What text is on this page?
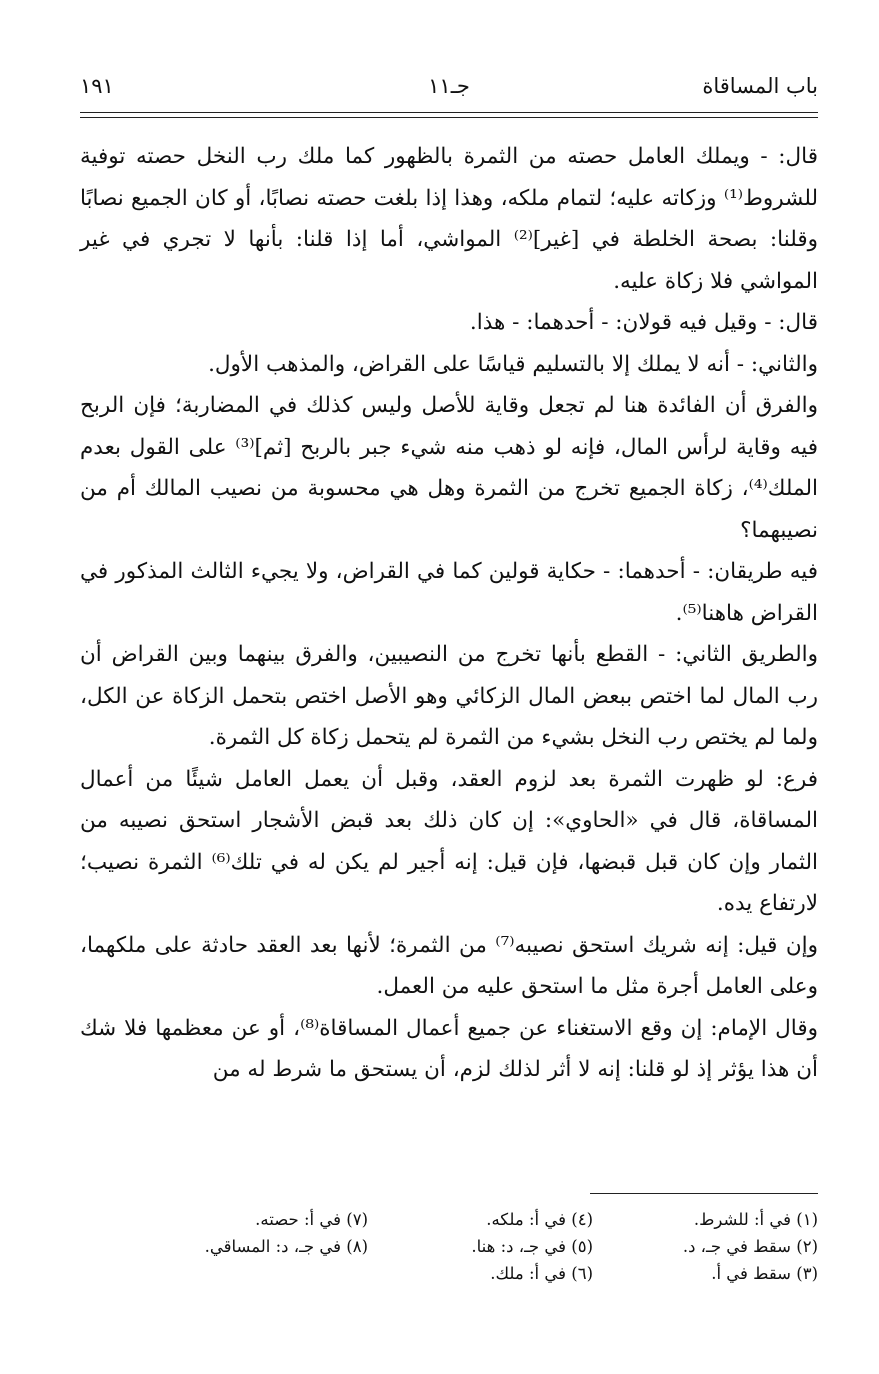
باب المساقاة
جـ١١
١٩١

قال: - ويملك العامل حصته من الثمرة بالظهور كما ملك رب النخل حصته توفية للشروط⁽¹⁾ وزكاته عليه؛ لتمام ملكه، وهذا إذا بلغت حصته نصابًا، أو كان الجميع نصابًا وقلنا: بصحة الخلطة في [غير]⁽²⁾ المواشي، أما إذا قلنا: بأنها لا تجري في غير المواشي فلا زكاة عليه.

قال: - وقيل فيه قولان: - أحدهما: - هذا.

والثاني: - أنه لا يملك إلا بالتسليم قياسًا على القراض، والمذهب الأول.

والفرق أن الفائدة هنا لم تجعل وقاية للأصل وليس كذلك في المضاربة؛ فإن الربح فيه وقاية لرأس المال، فإنه لو ذهب منه شيء جبر بالربح [ثم]⁽³⁾ على القول بعدم الملك⁽⁴⁾، زكاة الجميع تخرج من الثمرة وهل هي محسوبة من نصيب المالك أم من نصيبهما؟

فيه طريقان: - أحدهما: - حكاية قولين كما في القراض، ولا يجيء الثالث المذكور في القراض هاهنا⁽⁵⁾.

والطريق الثاني: - القطع بأنها تخرج من النصيبين، والفرق بينهما وبين القراض أن رب المال لما اختص ببعض المال الزكائي وهو الأصل اختص بتحمل الزكاة عن الكل، ولما لم يختص رب النخل بشيء من الثمرة لم يتحمل زكاة كل الثمرة.

فرع: لو ظهرت الثمرة بعد لزوم العقد، وقبل أن يعمل العامل شيئًا من أعمال المساقاة، قال في «الحاوي»: إن كان ذلك بعد قبض الأشجار استحق نصيبه من الثمار وإن كان قبل قبضها، فإن قيل: إنه أجير لم يكن له في تلك⁽⁶⁾ الثمرة نصيب؛ لارتفاع يده.

وإن قيل: إنه شريك استحق نصيبه⁽⁷⁾ من الثمرة؛ لأنها بعد العقد حادثة على ملكهما، وعلى العامل أجرة مثل ما استحق عليه من العمل.

وقال الإمام: إن وقع الاستغناء عن جميع أعمال المساقاة⁽⁸⁾، أو عن معظمها فلا شك أن هذا يؤثر إذ لو قلنا: إنه لا أثر لذلك لزم، أن يستحق ما شرط له من

(١) في أ: للشرط.
(٢) سقط في جـ، د.
(٣) سقط في أ.
(٤) في أ: ملكه.
(٥) في جـ، د: هنا.
(٦) في أ: ملك.
(٧) في أ: حصته.
(٨) في جـ، د: المساقي.
